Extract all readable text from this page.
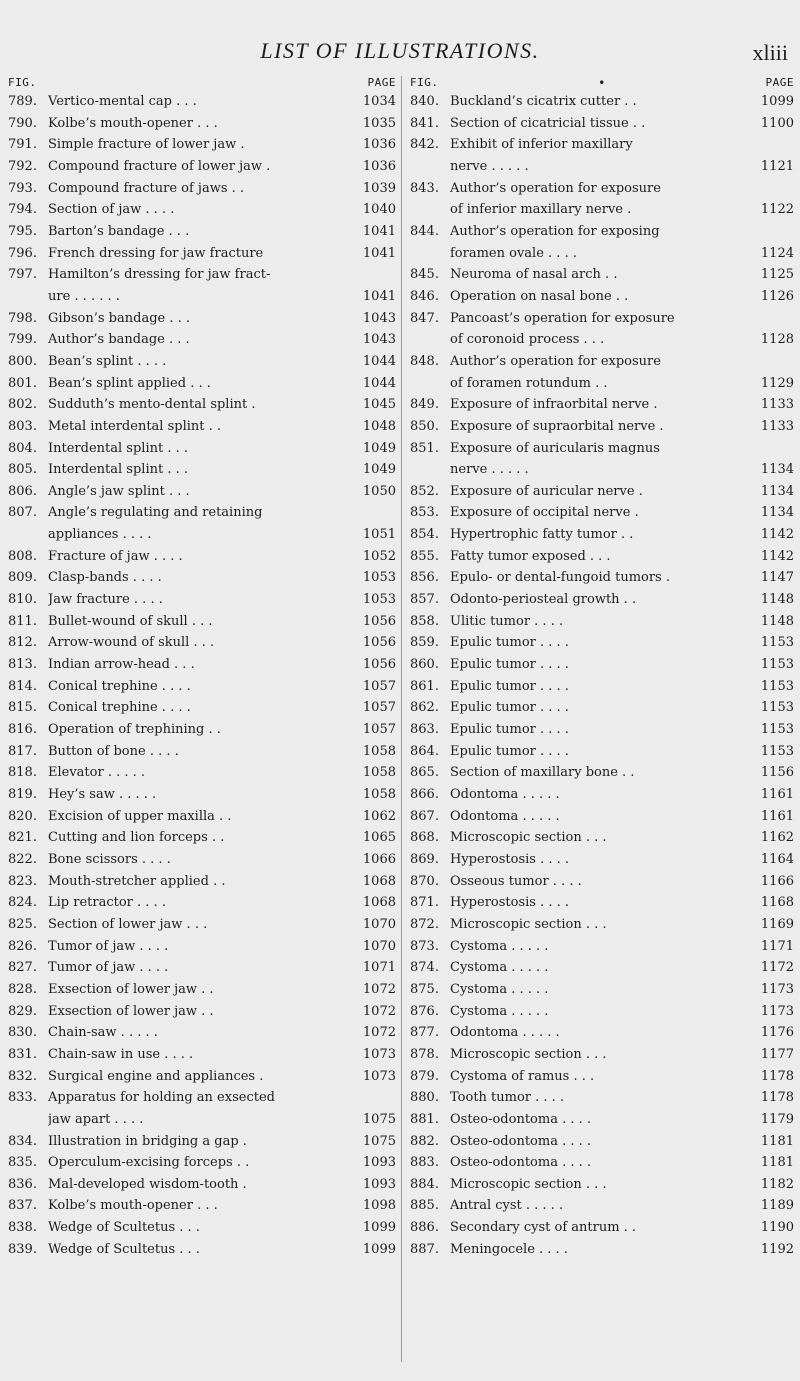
LIST OF ILLUSTRATIONS.	xliii
FIG.	PAGE
789. Vertico-mental cap . . .	1034
790. Kolbe’s mouth-opener . . .	1035
791. Simple fracture of lower jaw .	1036
792. Compound fracture of lower jaw .	1036
793. Compound fracture of jaws . .	1039
794. Section of jaw . . . .	1040
795. Barton’s bandage . . .	1041
796. French dressing for jaw fracture	1041
797. Hamilton’s dressing for jaw fract-
ure . . . . . .	1041
798. Gibson’s bandage . . .	1043
799. Author’s bandage . . .	1043
800. Bean’s splint . . . .	1044
801. Bean’s splint applied . . .	1044
802. Sudduth’s mento-dental splint .	1045
803. Metal interdental splint . .	1048
804. Interdental splint . . .	1049
805. Interdental splint . . .	1049
806. Angle’s jaw splint . . .	1050
807. Angle’s regulating and retaining
appliances . . . .	1051
808. Fracture of jaw . . . .	1052
809. Clasp-bands . . . .	1053
810. Jaw fracture . . . .	1053
811. Bullet-wound of skull . . .	1056
812. Arrow-wound of skull . . .	1056
813. Indian arrow-head . . .	1056
814. Conical trephine . . . .	1057
815. Conical trephine . . . .	1057
816. Operation of trephining . .	1057
817. Button of bone . . . .	1058
818. Elevator . . . . .	1058
819. Hey’s saw . . . . .	1058
820. Excision of upper maxilla . .	1062
821. Cutting and lion forceps . .	1065
822. Bone scissors . . . .	1066
823. Mouth-stretcher applied . .	1068
824. Lip retractor . . . .	1068
825. Section of lower jaw . . .	1070
826. Tumor of jaw . . . .	1070
827. Tumor of jaw . . . .	1071
828. Exsection of lower jaw . .	1072
829. Exsection of lower jaw . .	1072
830. Chain-saw . . . . .	1072
831. Chain-saw in use . . . .	1073
832. Surgical engine and appliances .	1073
833. Apparatus for holding an exsected
jaw apart . . . .	1075
834. Illustration in bridging a gap .	1075
835. Operculum-excising forceps . .	1093
836. Mal-developed wisdom-tooth .	1093
837. Kolbe’s mouth-opener . . .	1098
838. Wedge of Scultetus . . .	1099
839. Wedge of Scultetus . . .	1099
FIG.	•	PAGE
840. Buckland’s cicatrix cutter . .	1099
841. Section of cicatricial tissue . .	1100
842. Exhibit of inferior maxillary
nerve . . . . .	1121
843. Author’s operation for exposure
of inferior maxillary nerve .	1122
844. Author’s operation for exposing
foramen ovale . . . .	1124
845. Neuroma of nasal arch . .	1125
846. Operation on nasal bone . .	1126
847. Pancoast’s operation for exposure
of coronoid process . . .	1128
848. Author’s operation for exposure
of foramen rotundum . .	1129
849. Exposure of infraorbital nerve .	1133
850. Exposure of supraorbital nerve .	1133
851. Exposure of auricularis magnus
nerve . . . . .	1134
852. Exposure of auricular nerve .	1134
853. Exposure of occipital nerve .	1134
854. Hypertrophic fatty tumor . .	1142
855. Fatty tumor exposed . . .	1142
856. Epulo- or dental-fungoid tumors .	1147
857. Odonto-periosteal growth . .	1148
858. Ulitic tumor . . . .	1148
859. Epulic tumor . . . .	1153
860. Epulic tumor . . . .	1153
861. Epulic tumor . . . .	1153
862. Epulic tumor . . . .	1153
863. Epulic tumor . . . .	1153
864. Epulic tumor . . . .	1153
865. Section of maxillary bone . .	1156
866. Odontoma . . . . .	1161
867. Odontoma . . . . .	1161
868. Microscopic section . . .	1162
869. Hyperostosis . . . .	1164
870. Osseous tumor . . . .	1166
871. Hyperostosis . . . .	1168
872. Microscopic section . . .	1169
873. Cystoma . . . . .	1171
874. Cystoma . . . . .	1172
875. Cystoma . . . . .	1173
876. Cystoma . . . . .	1173
877. Odontoma . . . . .	1176
878. Microscopic section . . .	1177
879. Cystoma of ramus . . .	1178
880. Tooth tumor . . . .	1178
881. Osteo-odontoma . . . .	1179
882. Osteo-odontoma . . . .	1181
883. Osteo-odontoma . . . .	1181
884. Microscopic section . . .	1182
885. Antral cyst . . . . .	1189
886. Secondary cyst of antrum . .	1190
887. Meningocele . . . .	1192
